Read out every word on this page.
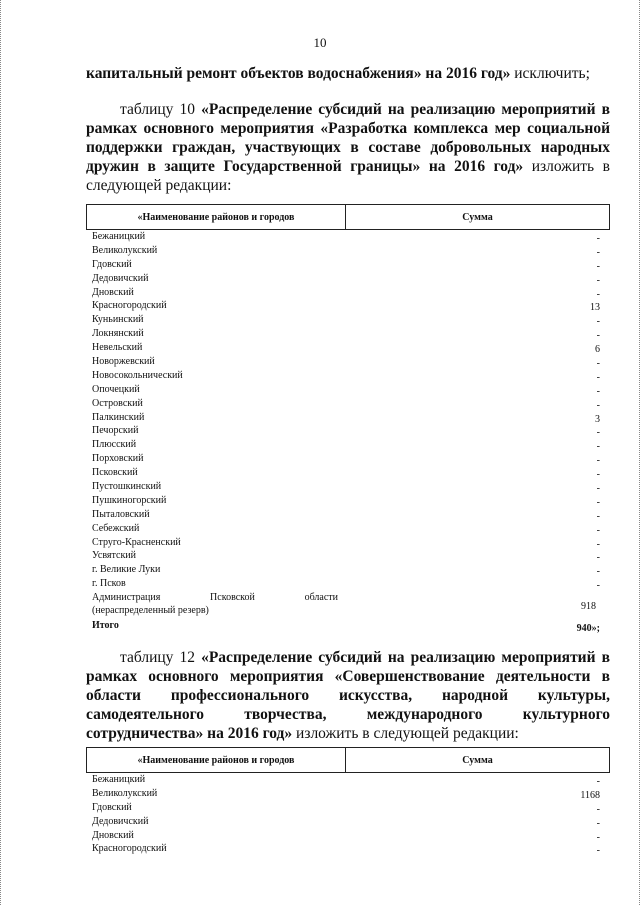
10
капитальный ремонт объектов водоснабжения» на 2016 год» исключить;
таблицу 10 «Распределение субсидий на реализацию мероприятий в рамках основного мероприятия «Разработка комплекса мер социальной поддержки граждан, участвующих в составе добровольных народных дружин в защите Государственной границы» на 2016 год» изложить в следующей редакции:
«Наименование районов и городов	Сумма
Бежаницкий	-
Великолукский	-
Гдовский	-
Дедовичский	-
Дновский	-
Красногородский	13
Куньинский	-
Локнянский	-
Невельский	6
Новоржевский	-
Новосокольнический	-
Опочецкий	-
Островский	-
Палкинский	3
Печорский	-
Плюсский	-
Порховский	-
Псковский	-
Пустошкинский	-
Пушкиногорский	-
Пыталовский	-
Себежский	-
Струго-Красненский	-
Усвятский	-
г. Великие Луки	-
г. Псков	-
Администрация Псковской области
(нераспределенный резерв)	918
Итого	940»;
таблицу 12 «Распределение субсидий на реализацию мероприятий в рамках основного мероприятия «Совершенствование деятельности в области профессионального искусства, народной культуры, самодеятельного творчества, международного культурного сотрудничества» на 2016 год» изложить в следующей редакции:
«Наименование районов и городов	Сумма
Бежаницкий	-
Великолукский	1168
Гдовский	-
Дедовичский	-
Дновский	-
Красногородский	-
